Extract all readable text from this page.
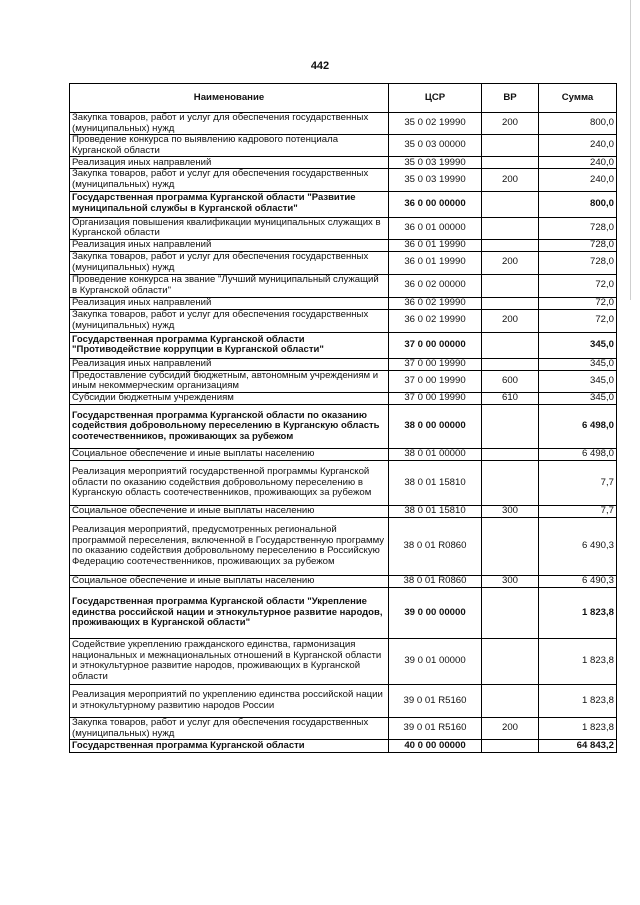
442
Наименование	ЦСР	ВР	Сумма
Закупка товаров, работ и услуг для обеспечения государственных (муниципальных) нужд	35 0 02 19990	200	800,0
Проведение конкурса по выявлению кадрового потенциала Курганской области	35 0 03 00000		240,0
Реализация иных направлений	35 0 03 19990		240,0
Закупка товаров, работ и услуг для обеспечения государственных (муниципальных) нужд	35 0 03 19990	200	240,0
Государственная программа Курганской области "Развитие муниципальной службы в Курганской области"	36 0 00 00000		800,0
Организация повышения квалификации муниципальных служащих в Курганской области	36 0 01 00000		728,0
Реализация иных направлений	36 0 01 19990		728,0
Закупка товаров, работ и услуг для обеспечения государственных (муниципальных) нужд	36 0 01 19990	200	728,0
Проведение конкурса на звание "Лучший муниципальный служащий в Курганской области"	36 0 02 00000		72,0
Реализация иных направлений	36 0 02 19990		72,0
Закупка товаров, работ и услуг для обеспечения государственных (муниципальных) нужд	36 0 02 19990	200	72,0
Государственная программа Курганской области "Противодействие коррупции в Курганской области"	37 0 00 00000		345,0
Реализация иных направлений	37 0 00 19990		345,0
Предоставление субсидий бюджетным, автономным учреждениям и иным некоммерческим организациям	37 0 00 19990	600	345,0
Субсидии бюджетным учреждениям	37 0 00 19990	610	345,0
Государственная программа Курганской области по оказанию содействия добровольному переселению в Курганскую область соотечественников, проживающих за рубежом	38 0 00 00000		6 498,0
Социальное обеспечение и иные выплаты населению	38 0 01 00000		6 498,0
Реализация мероприятий государственной программы Курганской области по оказанию содействия добровольному переселению в Курганскую область соотечественников, проживающих за рубежом	38 0 01 15810		7,7
Социальное обеспечение и иные выплаты населению	38 0 01 15810	300	7,7
Реализация мероприятий, предусмотренных региональной программой переселения, включенной в Государственную программу по оказанию содействия добровольному переселению в Российскую Федерацию соотечественников, проживающих за рубежом	38 0 01 R0860		6 490,3
Социальное обеспечение и иные выплаты населению	38 0 01 R0860	300	6 490,3
Государственная программа Курганской области "Укрепление единства российской нации и этнокультурное развитие народов, проживающих в Курганской области"	39 0 00 00000		1 823,8
Содействие укреплению гражданского единства, гармонизация национальных и межнациональных отношений в Курганской области и этнокультурное развитие народов, проживающих в Курганской области	39 0 01 00000		1 823,8
Реализация мероприятий по укреплению единства российской нации и этнокультурному развитию народов России	39 0 01 R5160		1 823,8
Закупка товаров, работ и услуг для обеспечения государственных (муниципальных) нужд	39 0 01 R5160	200	1 823,8
Государственная программа Курганской области	40 0 00 00000		64 843,2
